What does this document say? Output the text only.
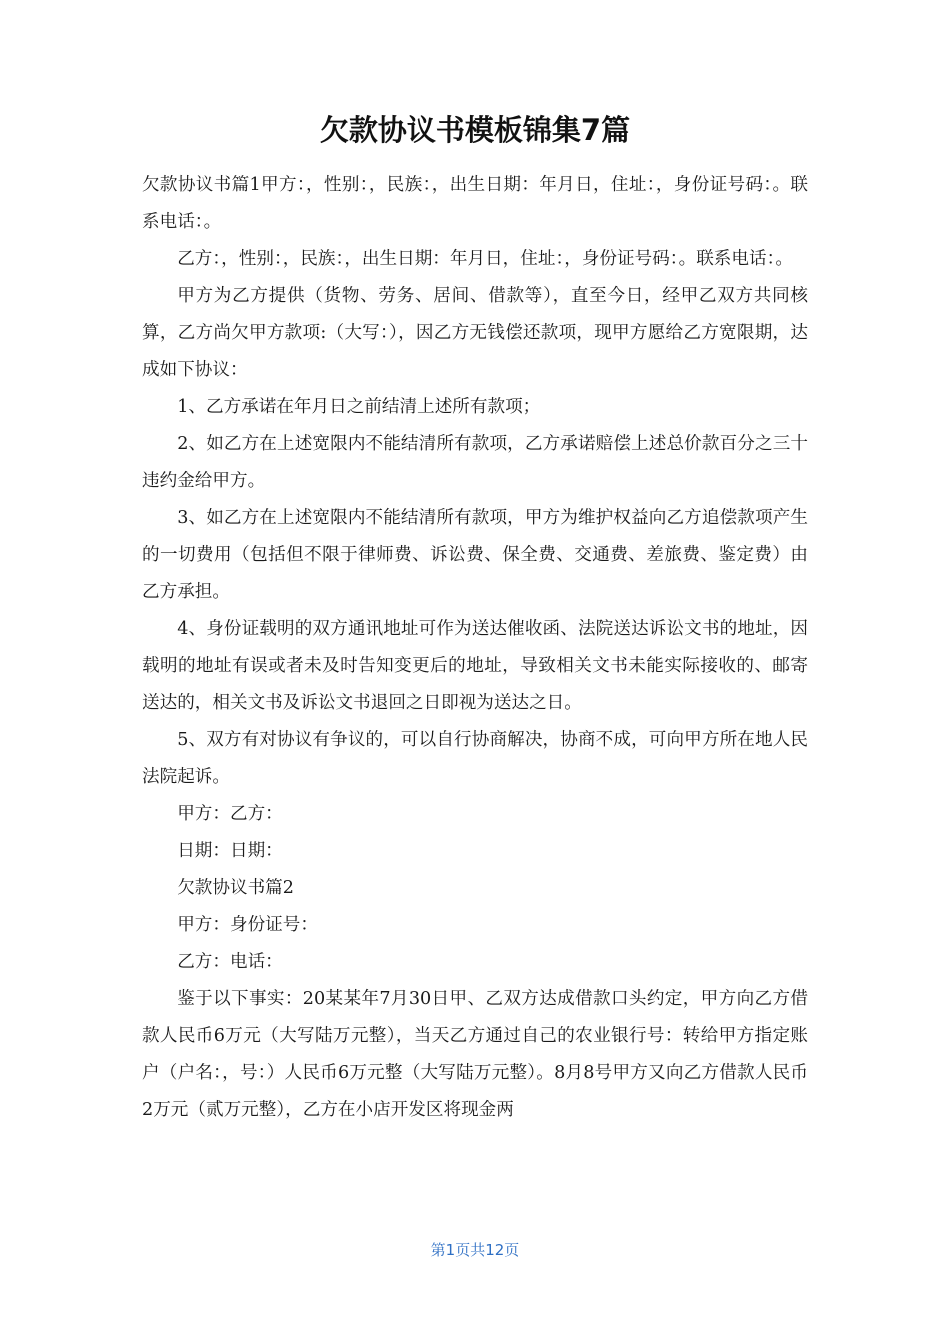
欠款协议书模板锦集7篇

欠款协议书篇1甲方：，性别：，民族：，出生日期：年月日，住址：，身份证号码：。联系电话：。

乙方：，性别：，民族：，出生日期：年月日，住址：，身份证号码：。联系电话：。

甲方为乙方提供（货物、劳务、居间、借款等），直至今日，经甲乙双方共同核算，乙方尚欠甲方款项:（大写：），因乙方无钱偿还款项，现甲方愿给乙方宽限期，达成如下协议：

1、乙方承诺在年月日之前结清上述所有款项；

2、如乙方在上述宽限内不能结清所有款项，乙方承诺赔偿上述总价款百分之三十违约金给甲方。

3、如乙方在上述宽限内不能结清所有款项，甲方为维护权益向乙方追偿款项产生的一切费用（包括但不限于律师费、诉讼费、保全费、交通费、差旅费、鉴定费）由乙方承担。

4、身份证载明的双方通讯地址可作为送达催收函、法院送达诉讼文书的地址，因载明的地址有误或者未及时告知变更后的地址，导致相关文书未能实际接收的、邮寄送达的，相关文书及诉讼文书退回之日即视为送达之日。

5、双方有对协议有争议的，可以自行协商解决，协商不成，可向甲方所在地人民法院起诉。

甲方：乙方：

日期：日期：

欠款协议书篇2

甲方：身份证号：

乙方：电话：

鉴于以下事实：20某某年7月30日甲、乙双方达成借款口头约定，甲方向乙方借款人民币6万元（大写陆万元整），当天乙方通过自己的农业银行号：转给甲方指定账户（户名：，号：）人民币6万元整（大写陆万元整）。8月8号甲方又向乙方借款人民币2万元（贰万元整），乙方在小店开发区将现金两

第1页共12页
